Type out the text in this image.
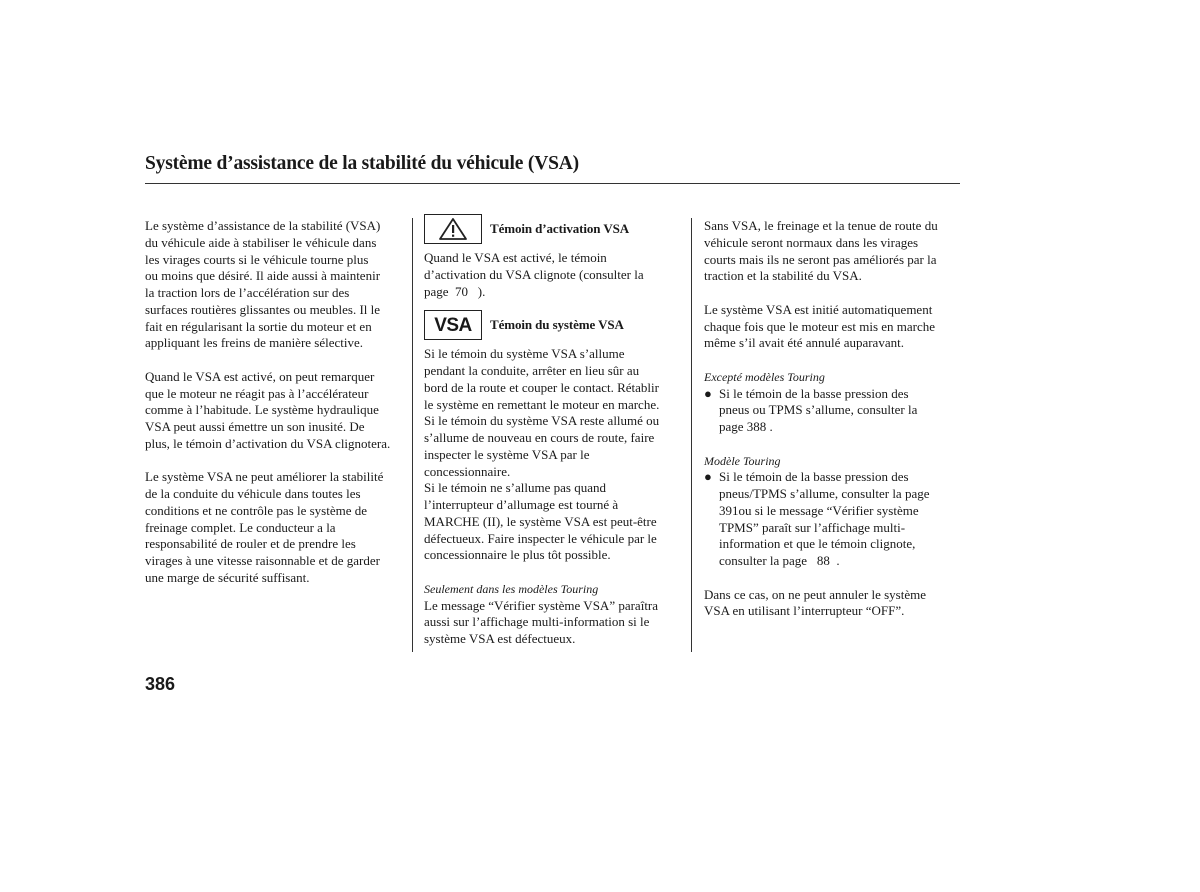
Système d’assistance de la stabilité du véhicule (VSA)

Le système d’assistance de la stabilité (VSA)
du véhicule aide à stabiliser le véhicule dans
les virages courts si le véhicule tourne plus
ou moins que désiré. Il aide aussi à maintenir
la traction lors de l’accélération sur des
surfaces routières glissantes ou meubles. Il le
fait en régularisant la sortie du moteur et en
appliquant les freins de manière sélective.

Quand le VSA est activé, on peut remarquer
que le moteur ne réagit pas à l’accélérateur
comme à l’habitude. Le système hydraulique
VSA peut aussi émettre un son inusité. De
plus, le témoin d’activation du VSA clignotera.

Le système VSA ne peut améliorer la stabilité
de la conduite du véhicule dans toutes les
conditions et ne contrôle pas le système de
freinage complet. Le conducteur a la
responsabilité de rouler et de prendre les
virages à une vitesse raisonnable et de garder
une marge de sécurité suffisant.

Témoin d’activation VSA

Quand le VSA est activé, le témoin
d’activation du VSA clignote (consulter la
page  70   ).

VSA Témoin du système VSA

Si le témoin du système VSA s’allume
pendant la conduite, arrêter en lieu sûr au
bord de la route et couper le contact. Rétablir
le système en remettant le moteur en marche.
Si le témoin du système VSA reste allumé ou
s’allume de nouveau en cours de route, faire
inspecter le système VSA par le
concessionnaire.
Si le témoin ne s’allume pas quand
l’interrupteur d’allumage est tourné à
MARCHE (II), le système VSA est peut-être
défectueux. Faire inspecter le véhicule par le
concessionnaire le plus tôt possible.

Seulement dans les modèles Touring

Le message “Vérifier système VSA” paraîtra
aussi sur l’affichage multi-information si le
système VSA est défectueux.

Sans VSA, le freinage et la tenue de route du
véhicule seront normaux dans les virages
courts mais ils ne seront pas améliorés par la
traction et la stabilité du VSA.

Le système VSA est initié automatiquement
chaque fois que le moteur est mis en marche
même s’il avait été annulé auparavant.

Excepté modèles Touring

● Si le témoin de la basse pression des
pneus ou TPMS s’allume, consulter la
page 388 .

Modèle Touring

● Si le témoin de la basse pression des
pneus/TPMS s’allume, consulter la page
391ou si le message “Vérifier système
TPMS” paraît sur l’affichage multi-
information et que le témoin clignote,
consulter la page   88  .

Dans ce cas, on ne peut annuler le système
VSA en utilisant l’interrupteur “OFF”.

386
